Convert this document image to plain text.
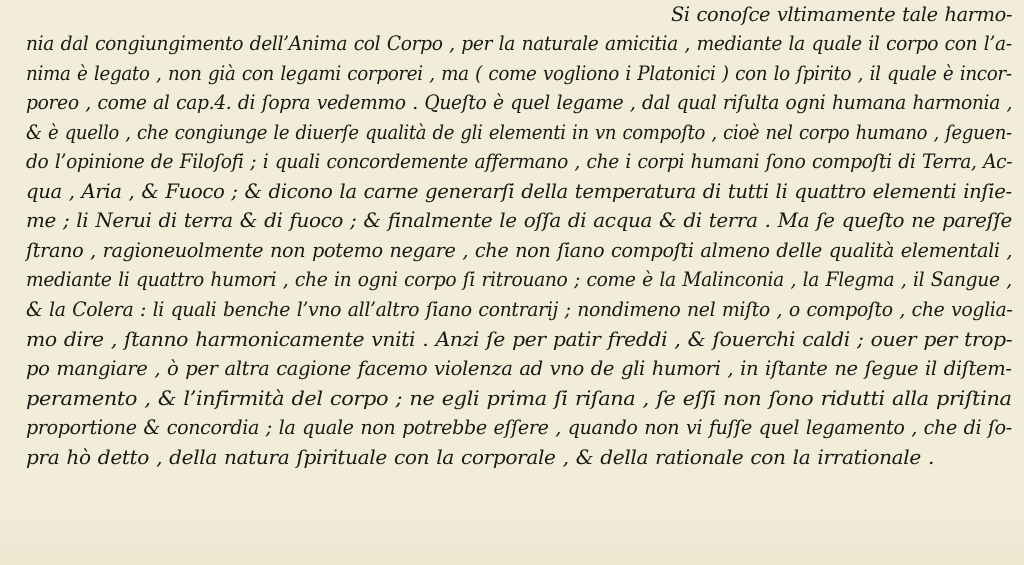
Si conoſce vltimamente tale harmo-
nia dal congiungimento dell’Anima col Corpo , per la naturale amicitia , mediante la quale il corpo con l’a-
nima è legato , non già con legami corporei , ma ( come vogliono i Platonici ) con lo ſpirito , il quale è incor-
poreo , come al cap.4. di ſopra vedemmo . Queſto è quel legame , dal qual riſulta ogni humana harmonia ,
& è quello , che congiunge le diuerſe qualità de gli elementi in vn compoſto , cioè nel corpo humano , ſeguen-
do l’opinione de Filoſofi ; i quali concordemente affermano , che i corpi humani ſono compoſti di Terra, Ac-
qua , Aria , & Fuoco ; & dicono la carne generarſi della temperatura di tutti li quattro elementi inſie-
me ; li Nerui di terra & di fuoco ; & finalmente le oſſa di acqua & di terra . Ma ſe queſto ne pareſſe
ſtrano , ragioneuolmente non potemo negare , che non ſiano compoſti almeno delle qualità elementali ,
mediante li quattro humori , che in ogni corpo ſi ritrouano ; come è la Malinconia , la Flegma , il Sangue ,
& la Colera : li quali benche l’vno all’altro ſiano contrarij ; nondimeno nel miſto , o compoſto , che voglia-
mo dire , ſtanno harmonicamente vniti . Anzi ſe per patir freddi , & ſouerchi caldi ; ouer per trop-
po mangiare , ò per altra cagione facemo violenza ad vno de gli humori , in iſtante ne ſegue il diſtem-
peramento , & l’infirmità del corpo ; ne egli prima ſi riſana , ſe eſſi non ſono ridutti alla priſtina
proportione & concordia ; la quale non potrebbe eſſere , quando non vi fuſſe quel legamento , che di ſo-
pra hò detto , della natura ſpirituale con la corporale , & della rationale con la irrationale .
